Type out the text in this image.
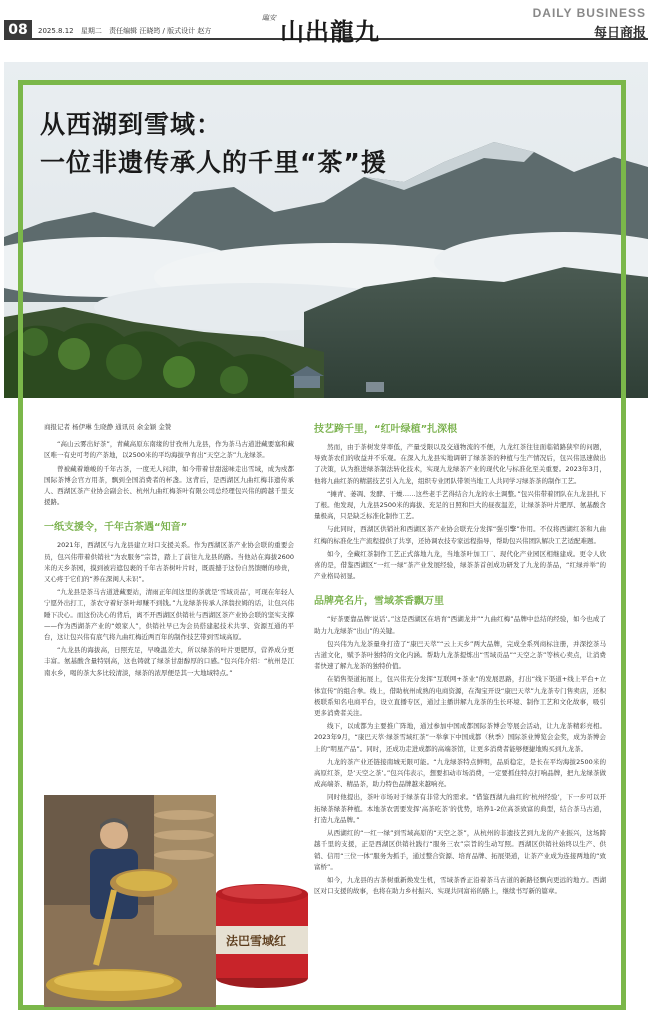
08	2025.8.12 星期二 责任编辑 汪晓筠 / 版式设计 赵方
臨安 山出龍九
DAILY BUSINESS
每日商报
从西湖到雪域：
一位非遗传承人的千里“茶”援

商报记者 杨伊琳 生晓静 通讯员 余金颖 金赞

“高山云雾出好茶”，青藏高原东南缘的甘孜州九龙县，作为茶马古道进藏要塞和藏区唯一有史可考的产茶地，以2500米的平均海拔孕育出“天空之茶”九龙绿茶。

曾被藏着雄峻的千年古茶，一度无人问津，如今带着甘甜滋味走出雪域，成为戍都国际茶博会官方用茶，飘到全国消费者的杯盏。这背后，是西湖区九曲红梅非遗传承人、西湖区茶产业协会副会长、杭州九曲红梅茶叶有限公司总经理包兴伟的跨越千里支援路。

一纸支援令，千年古茶遇“知音”

2021年，西湖区与九龙县建立对口支援关系。作为西湖区茶产业协会联的重要会员，包兴伟带着供销社“为农服务”宗旨，踏上了前往九龙县的路。当他站在海拔2600米的天乡茶园，摸到被岩遮包裹的千年古茶树叶片时，既震撼于这份自然馈赠的珍贵，又心疼于它们的“养在深闺人未识”。

“九龙县是茶马古道进藏要站，清雨正年间这里的茶就是‘雪域贡品’，可现在年轻人宁愿外出打工，茶农守着好茶叶却赚不到钱。”九龙绿茶传承人泽翁拉姆的话，让包兴伟睡下决心。而这份决心的背后，离不开西湖区供销社与西湖区茶产业协会联的坚实支撑——作为西湖茶产业的“娘家人”，供销社早已为会员搭建起技术共享、资源互通的平台，这让包兴伟有底气将九曲红梅近两百年的制作技艺带到雪域高原。

“九龙县的海拔高，日照充足，早晚温差大，所以绿茶的叶片更肥厚，营养成分更丰富。氨基酸含量特别高，这也铸就了绿茶甘甜醇厚的口感。”包兴伟介绍：“杭州是江南水乡，喝的茶大多比较清淡，绿茶的浓厚便是其一大地域特点。”

法巴雪域红
技艺跨千里，“红叶绿植”扎深根

然而，由于茶树发芽率低，产量受限以及交通物流的不便，九龙红茶往往面临销路狭窄的问题，导致茶农们的收益并不乐观。在深入九龙县实地调研了绿茶茶的种植与生产情况后，包兴伟迅速做出了决策，认为推进绿茶制法转化技术，实现九龙绿茶产业的现代化与标准化至关重要。2023年3月，他将九曲红茶的精湛技艺引入九龙，组织专业团队带领当地工人共同学习绿茶茶的制作工艺。

“摊青、萎凋、发酵、干燥……这些老手艺得结合九龙的水土调整。”包兴伟带着团队在九龙县扎下了根。他发现，九龙县2500米的海拔、充足的日照和巨大的昼夜温差，让绿茶茶叶片肥厚、氨基酸含量极高，只是缺乏标准化制作工艺。

与此同时，西湖区供销社和西湖区茶产业协会联充分发挥“强引擎”作用。不仅将西湖红茶和九曲红梅的标准化生产流程提供了共享，还协调农技专家远程指导，帮助包兴伟团队解决工艺适配难题。

如今，全藏红茶制作工艺正式落地九龙，当地茶叶加工厂、现代化产业园区相继建成。更令人欣喜的是，借鉴西湖区“一红一绿”茶产业发展经验，绿茶茶首创成功研发了九龙的茶品，“红绿并举”的产业格局初显。

品牌亮名片，雪域茶香飘万里

“好茶要靠品牌‘说话’。”这是西湖区在培育“西湖龙井”“九曲红梅”品牌中总结的经验，如今也成了助力九龙绿茶“出山”的关键。

包兴伟为九龙茶量身打造了“康巴天萃”“云上天乡”两大品牌，完成全系列商标注册，并深挖茶马古道文化，赋予茶叶独特的文化内涵。帮助九龙茶提炼出“雪域贡品”“天空之茶”等核心卖点，让消费者快速了解九龙茶的独特价值。

在销售渠道拓展上，包兴伟充分发挥“互联网+茶业”的发展思路，打出“线下渠道+线上平台+立体宣传”的组合拳。线上，借助杭州成熟的电商资源，在淘宝开设“康巴天萃”九龙茶专门售卖店，还积极联系知名电商平台，设立直播专区，通过主播讲解九龙茶的生长环境、制作工艺和文化故事，吸引更多消费者关注。

线下，以成都为主要推广阵地，通过参加中国成都国际茶博会等展会活动，让九龙茶精彩亮相。2023年9月，“康巴天萃·绿茶雪域红茶”一举拿下中国成都（秋季）国际茶业博览会金奖，成为茶博会上的“明星产品”。同时，还成功走进成都的高端茶馆，让更多消费者能够便捷地购买到九龙茶。

九龙的茶产业还链接南城无限可能。“九龙绿茶特点鲜明，品质稳定，是长在平均海拔2500米的高原红茶，是‘天空之茶’。”包兴伟表示，想要扣动市场消费，一定要抓住特点打响品牌，把九龙绿茶做成高端茶、精品茶，助力特色品牌越来越响亮。

同时他提出，茶叶市场对于绿茶有非常大的需求。“借鉴西湖九曲红的‘杭州经验’，下一步可以开拓绿茶绿茶种植。本地茶农需要发挥‘高茶吃茶’的优势，培养1-2位高茶致富的典型，结合茶马古道，打造九龙品牌。”

从西湖红的“一红一绿”到雪域高原的“天空之茶”，从杭州的非遗技艺到九龙的产业振兴，这场跨越千里的支援，正是西湖区供销社践行“服务三农”宗旨的生动写照。西湖区供销社始终以生产、供销、信用“三位一体”服务为抓手，通过整合资源、培育品牌、拓展渠道，让茶产业成为连接两地的“致富桥”。

如今，九龙县的古茶树重新焕发生机，雪域茶香正沿着茶马古道的新路径飘向更远的地方。西湖区对口支援的故事，也将在助力乡村振兴、实现共同富裕的路上，继续书写新的篇章。
